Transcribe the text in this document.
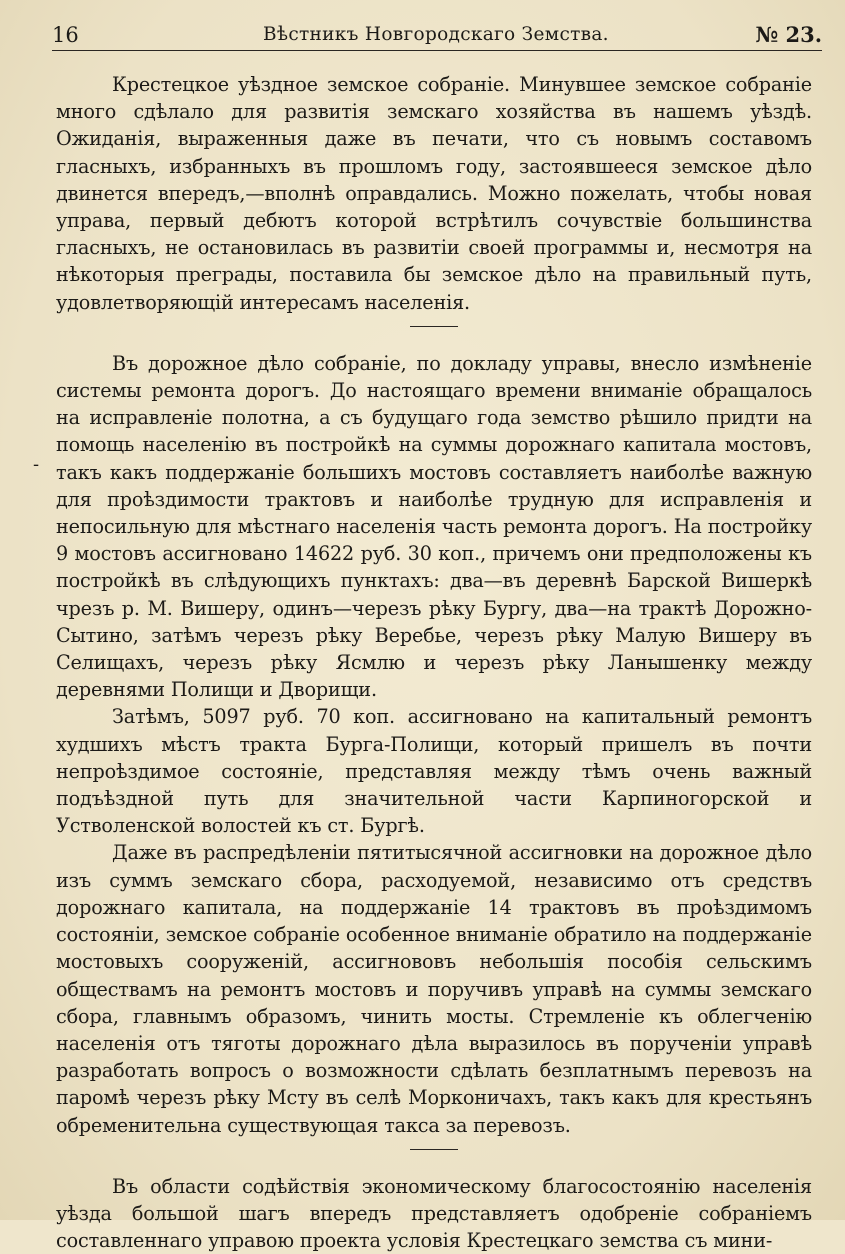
16	Вѣстникъ Новгородскаго Земства.	№ 23.
-

Крестецкое уѣздное земское собраніе. Минувшее земское собраніе много сдѣлало для развитія земскаго хозяйства въ нашемъ уѣздѣ. Ожиданія, выраженныя даже въ печати, что съ новымъ составомъ гласныхъ, избранныхъ въ прошломъ году, застоявшееся земское дѣло двинется впередъ,—вполнѣ оправдались. Можно пожелать, чтобы новая управа, первый дебютъ которой встрѣтилъ сочувствіе большинства гласныхъ, не остановилась въ развитіи своей программы и, несмотря на нѣкоторыя преграды, поставила бы земское дѣло на правильный путь, удовлетворяющій интересамъ населенія.

Въ дорожное дѣло собраніе, по докладу управы, внесло измѣненіе системы ремонта дорогъ. До настоящаго времени вниманіе обращалось на исправленіе полотна, а съ будущаго года земство рѣшило придти на помощь населенію въ постройкѣ на суммы дорожнаго капитала мостовъ, такъ какъ поддержаніе большихъ мостовъ составляетъ наиболѣе важную для проѣздимости трактовъ и наиболѣе трудную для исправленія и непосильную для мѣстнаго населенія часть ремонта дорогъ. На постройку 9 мостовъ ассигновано 14622 руб. 30 коп., причемъ они предположены къ постройкѣ въ слѣдующихъ пунктахъ: два—въ деревнѣ Барской Вишеркѣ чрезъ р. М. Вишеру, одинъ—черезъ рѣку Бургу, два—на трактѣ Дорожно-Сытино, затѣмъ черезъ рѣку Веребье, черезъ рѣку Малую Вишеру въ Селищахъ, черезъ рѣку Ясмлю и черезъ рѣку Ланышенку между деревнями Полищи и Дворищи.

Затѣмъ, 5097 руб. 70 коп. ассигновано на капитальный ремонтъ худшихъ мѣстъ тракта Бурга-Полищи, который пришелъ въ почти непроѣздимое состояніе, представляя между тѣмъ очень важный подъѣздной путь для значительной части Карпиногорской и Устволенской волостей къ ст. Бургѣ.

Даже въ распредѣленіи пятитысячной ассигновки на дорожное дѣло изъ суммъ земскаго сбора, расходуемой, независимо отъ средствъ дорожнаго капитала, на поддержаніе 14 трактовъ въ проѣздимомъ состояніи, земское собраніе особенное вниманіе обратило на поддержаніе мостовыхъ сооруженій, ассигнововъ небольшія пособія сельскимъ обществамъ на ремонтъ мостовъ и поручивъ управѣ на суммы земскаго сбора, главнымъ образомъ, чинить мосты. Стремленіе къ облегченію населенія отъ тяготы дорожнаго дѣла выразилось въ порученіи управѣ разработать вопросъ о возможности сдѣлать безплатнымъ перевозъ на паромѣ черезъ рѣку Мсту въ селѣ Морконичахъ, такъ какъ для крестьянъ обременительна существующая такса за перевозъ.

Въ области содѣйствія экономическому благосостоянію населенія уѣзда большой шагъ впередъ представляетъ одобреніе собраніемъ составленнаго управою проекта условія Крестецкаго земства съ мини-
